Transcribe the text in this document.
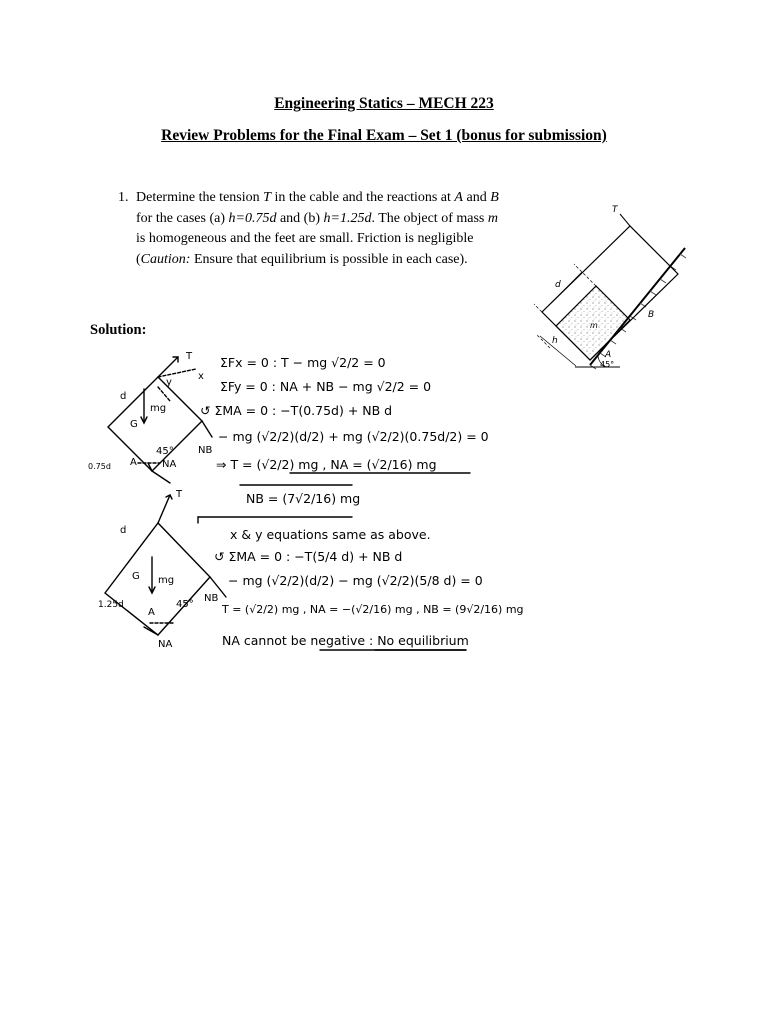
Engineering Statics – MECH 223
Review Problems for the Final Exam – Set 1 (bonus for submission)
1. Determine the tension T in the cable and the reactions at A and B for the cases (a) h=0.75d and (b) h=1.25d. The object of mass m is homogeneous and the feet are small. Friction is negligible (Caution: Ensure that equilibrium is possible in each case).
T
d
m
h
B
A
45°
Solution:
T
y
x
d
mg
G
45°
0.75d A	NA
NB
T
d
G mg
1.25d
A
45°
NB
NA
ΣFx = 0 : T − mg √2/2 = 0
ΣFy = 0 : NA + NB − mg √2/2 = 0
↺ ΣMA = 0 : −T(0.75d) + NB d
− mg (√2/2)(d/2) + mg (√2/2)(0.75d/2) = 0
⇒ T = (√2/2) mg , NA = (√2/16) mg
NB = (7√2/16) mg
x & y equations same as above.
↺ ΣMA = 0 : −T(5/4 d) + NB d
− mg (√2/2)(d/2) − mg (√2/2)(5/8 d) = 0
T = (√2/2) mg , NA = −(√2/16) mg , NB = (9√2/16) mg
NA cannot be negative : No equilibrium
